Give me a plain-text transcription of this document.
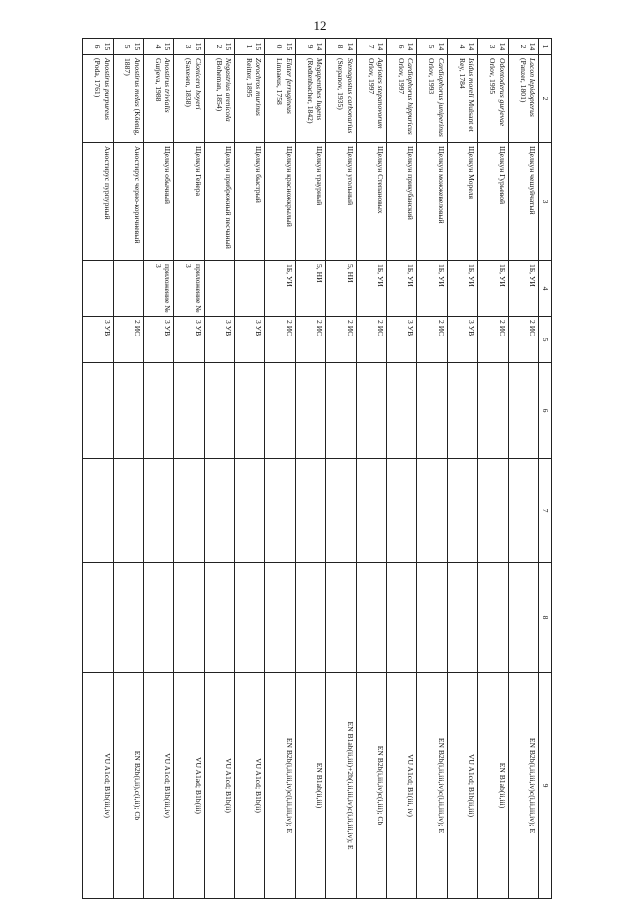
12
1	2	3	4	5	6	7	8	9
142	Lacon lepidopterus (Panzer, 1801)	Щелкун чешуйчатый	1Б, УИ	2 ИС				EN B2b(i,ii,iii,iv)c(i,ii,iii,iv); E
143	Odontoderus gurjevae Orlov, 1995	Щелкун Гурьевой	1Б, УИ	2 ИС				EN B1ab(ii,iii)
144	Isidus moreli Mulsant et Rey, 1784	Щелкун Мореля	1Б, УИ	3 УВ				VU A1cd; B1b(ii,iii)
145	Cardiophorus juniperinus Orlov, 1993	Щелкун можжевеловый	1Б, УИ	2 ИС				EN B2b(i,ii,iii,iv)c(i,ii,iii,iv); E
146	Cardiophorus hippuricus Orlov, 1997	Щелкун прикубанский	1Б, УИ	3 УВ				VU A1cd; B1(iii, iv)
147	Agriotes stepanovorum Orlov, 1997	Щелкун Степановых	1Б, УИ	2 ИС				EN B2b(i,iii,iv)c(i,iii); Cb
148	Stenagostus carbonarius (Stepanov, 1935)	Щелкун угольный	5, НИ	2 ИС				EN B1ab(ii,iii)+2b(i,ii,iii,iv)c(i,ii,iii,iv); E
149	Megapenthes lugens (Redtenbacher, 1842)	Щелкун траурный	5, НИ	2 ИС				EN B1ab(ii,iii)
150	Elater ferrugineus Linnaeus, 1758	Щелкун красножкрылый	1Б, УИ	2 ИС				EN B2b(i,ii,iii,iv)c(i,ii,iii,iv); E
151	Zorochros murinus Reitter, 1895	Щелкун быстрый		3 УВ				VU A1cd; B1b(ii)
152	Negastrius arenicola (Boheman, 1854)	Щелкун прибрежный песчаный		3 УВ				VU A1cd; B1b(ii)
153	Cionicera hoyeri (Saxesen, 1838)	Щелкун Гейера	приложение № 3	3 УВ				VU A1ad; B1b(iii)
154	Anostirus trivialis Gurjeva, 1988	Щелкун обычный	приложение № 3	3 УВ				VU A1cd; B1b(iii,iv)
155	Anostirus melas (Kőenig, 1887)	Аностирус черно-коричневый		2 ИС				EN B2b(i,ii),c(i,ii); Cb
156	Anostirus purpureus (Poda, 1761)	Аностирус пурпурный		3 УВ				VU A1cd; B1b(iii,iv)
